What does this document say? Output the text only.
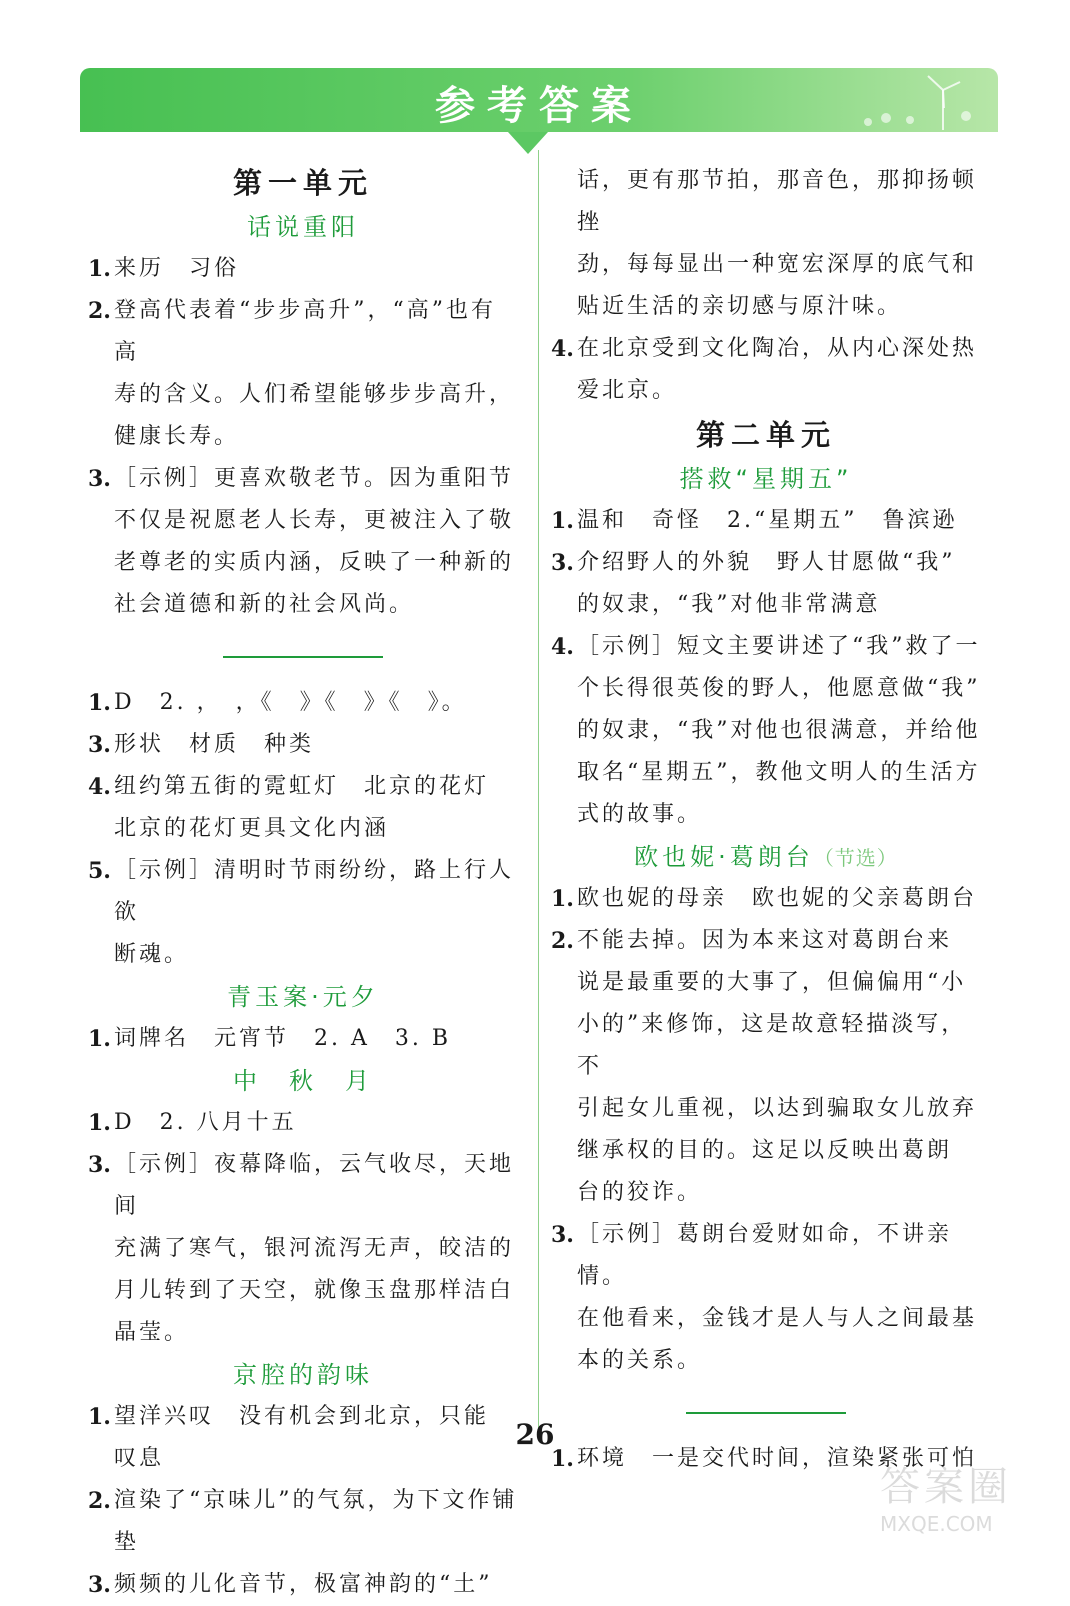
参考答案
第一单元
话说重阳
1. 来历　习俗
2. 登高代表着“步步高升”，“高”也有高
寿的含义。人们希望能够步步高升，
健康长寿。
3. ［示例］更喜欢敬老节。因为重阳节
不仅是祝愿老人长寿，更被注入了敬
老尊老的实质内涵，反映了一种新的
社会道德和新的社会风尚。
1. D　2. ，　，《　》《　》《　》。
3. 形状　材质　种类
4. 纽约第五街的霓虹灯　北京的花灯
北京的花灯更具文化内涵
5. ［示例］清明时节雨纷纷，路上行人欲
断魂。
青玉案·元夕
1. 词牌名　元宵节　2. A　3. B
中　秋　月
1. D　2. 八月十五
3. ［示例］夜幕降临，云气收尽，天地间
充满了寒气，银河流泻无声，皎洁的
月儿转到了天空，就像玉盘那样洁白
晶莹。
京腔的韵味
1. 望洋兴叹　没有机会到北京，只能
叹息
2. 渲染了“京味儿”的气氛，为下文作铺垫
3. 频频的儿化音节，极富神韵的“土”
话，更有那节拍，那音色，那抑扬顿挫
劲，每每显出一种宽宏深厚的底气和
贴近生活的亲切感与原汁味。
4. 在北京受到文化陶冶，从内心深处热
爱北京。
第二单元
搭救“星期五”
1. 温和　奇怪　2.“星期五”　鲁滨逊
3. 介绍野人的外貌　野人甘愿做“我”
的奴隶，“我”对他非常满意
4. ［示例］短文主要讲述了“我”救了一
个长得很英俊的野人，他愿意做“我”
的奴隶，“我”对他也很满意，并给他
取名“星期五”，教他文明人的生活方
式的故事。
欧也妮·葛朗台（节选）
1. 欧也妮的母亲　欧也妮的父亲葛朗台
2. 不能去掉。因为本来这对葛朗台来
说是最重要的大事了，但偏偏用“小
小的”来修饰，这是故意轻描淡写，不
引起女儿重视，以达到骗取女儿放弃
继承权的目的。这足以反映出葛朗
台的狡诈。
3. ［示例］葛朗台爱财如命，不讲亲情。
在他看来，金钱才是人与人之间最基
本的关系。
1. 环境　一是交代时间，渲染紧张可怕
26
答案圈
MXQE.COM
